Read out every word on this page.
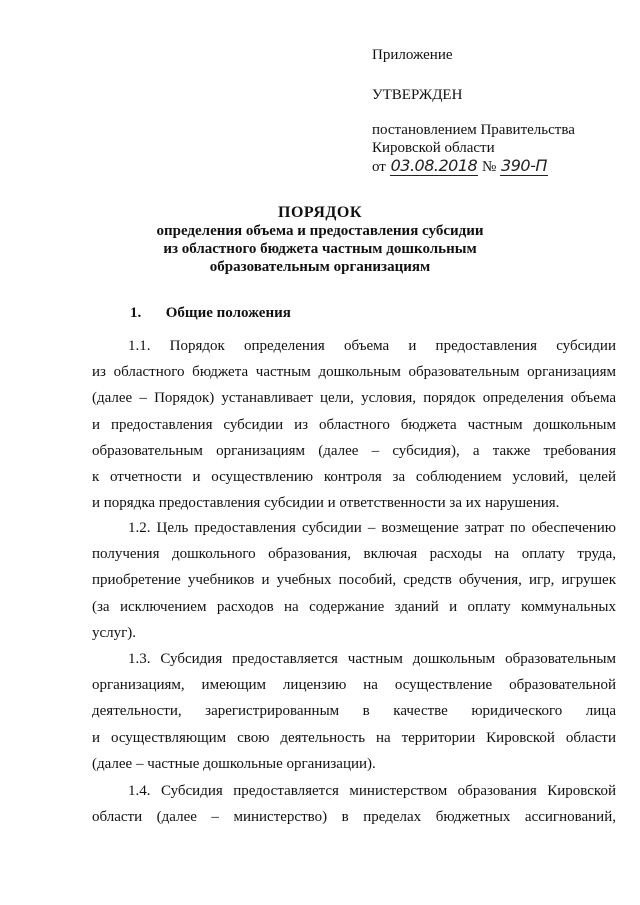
Приложение
УТВЕРЖДЕН
постановлением Правительства
Кировской области
от 03.08.2018 № 390-П
ПОРЯДОК
определения объема и предоставления субсидии
из областного бюджета частным дошкольным
образовательным организациям
1. Общие положения
1.1. Порядок определения объема и предоставления субсидии
из областного бюджета частным дошкольным образовательным организациям
(далее – Порядок) устанавливает цели, условия, порядок определения объема
и предоставления субсидии из областного бюджета частным дошкольным
образовательным организациям (далее – субсидия), а также требования
к отчетности и осуществлению контроля за соблюдением условий, целей
и порядка предоставления субсидии и ответственности за их нарушения.
1.2. Цель предоставления субсидии – возмещение затрат по обеспечению
получения дошкольного образования, включая расходы на оплату труда,
приобретение учебников и учебных пособий, средств обучения, игр, игрушек
(за исключением расходов на содержание зданий и оплату коммунальных
услуг).
1.3. Субсидия предоставляется частным дошкольным образовательным
организациям, имеющим лицензию на осуществление образовательной
деятельности, зарегистрированным в качестве юридического лица
и осуществляющим свою деятельность на территории Кировской области
(далее – частные дошкольные организации).
1.4. Субсидия предоставляется министерством образования Кировской
области (далее – министерство) в пределах бюджетных ассигнований,
